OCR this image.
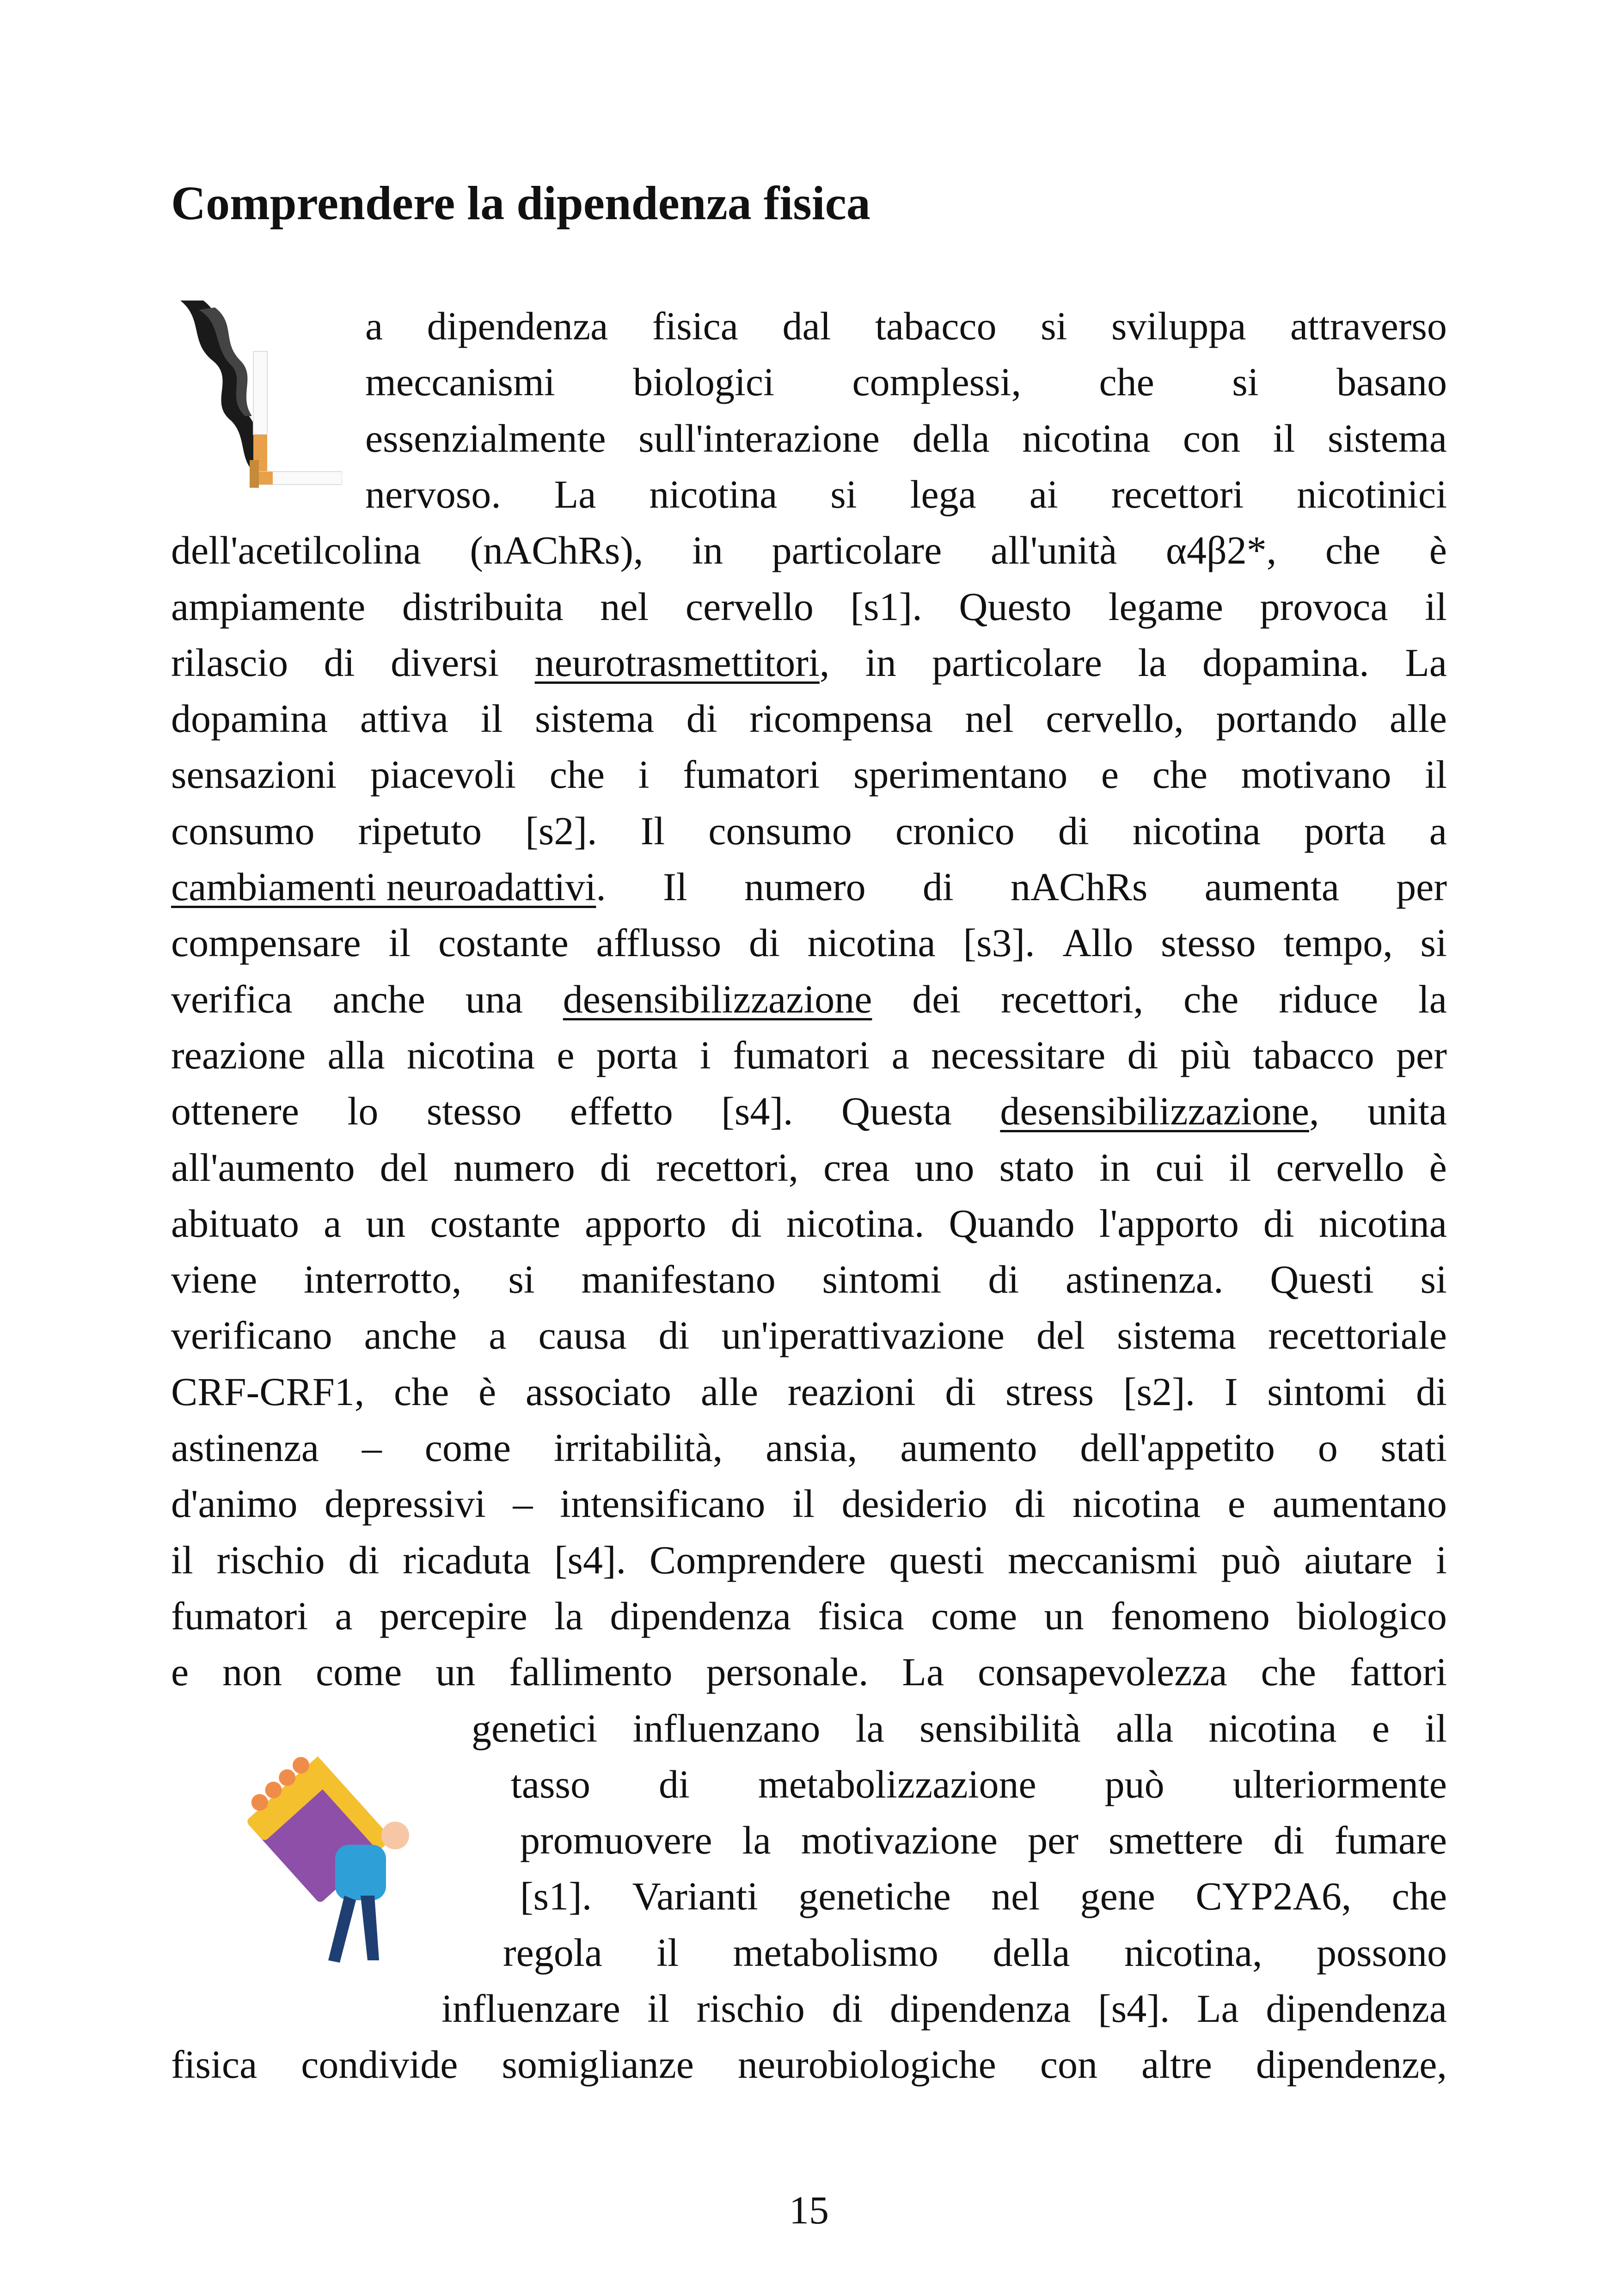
Comprendere la dipendenza fisica
a dipendenza fisica dal tabacco si sviluppa attraverso
meccanismi biologici complessi, che si basano
essenzialmente sull'interazione della nicotina con il sistema
nervoso. La nicotina si lega ai recettori nicotinici
dell'acetilcolina (nAChRs), in particolare all'unità α4β2*, che è
ampiamente distribuita nel cervello [s1]. Questo legame provoca il
rilascio di diversi neurotrasmettitori, in particolare la dopamina. La
dopamina attiva il sistema di ricompensa nel cervello, portando alle
sensazioni piacevoli che i fumatori sperimentano e che motivano il
consumo ripetuto [s2]. Il consumo cronico di nicotina porta a
cambiamenti neuroadattivi. Il numero di nAChRs aumenta per
compensare il costante afflusso di nicotina [s3]. Allo stesso tempo, si
verifica anche una desensibilizzazione dei recettori, che riduce la
reazione alla nicotina e porta i fumatori a necessitare di più tabacco per
ottenere lo stesso effetto [s4]. Questa desensibilizzazione, unita
all'aumento del numero di recettori, crea uno stato in cui il cervello è
abituato a un costante apporto di nicotina. Quando l'apporto di nicotina
viene interrotto, si manifestano sintomi di astinenza. Questi si
verificano anche a causa di un'iperattivazione del sistema recettoriale
CRF-CRF1, che è associato alle reazioni di stress [s2]. I sintomi di
astinenza – come irritabilità, ansia, aumento dell'appetito o stati
d'animo depressivi – intensificano il desiderio di nicotina e aumentano
il rischio di ricaduta [s4]. Comprendere questi meccanismi può aiutare i
fumatori a percepire la dipendenza fisica come un fenomeno biologico
e non come un fallimento personale. La consapevolezza che fattori
genetici influenzano la sensibilità alla nicotina e il
tasso di metabolizzazione può ulteriormente
promuovere la motivazione per smettere di fumare
[s1]. Varianti genetiche nel gene CYP2A6, che
regola il metabolismo della nicotina, possono
influenzare il rischio di dipendenza [s4]. La dipendenza
fisica condivide somiglianze neurobiologiche con altre dipendenze,
15
